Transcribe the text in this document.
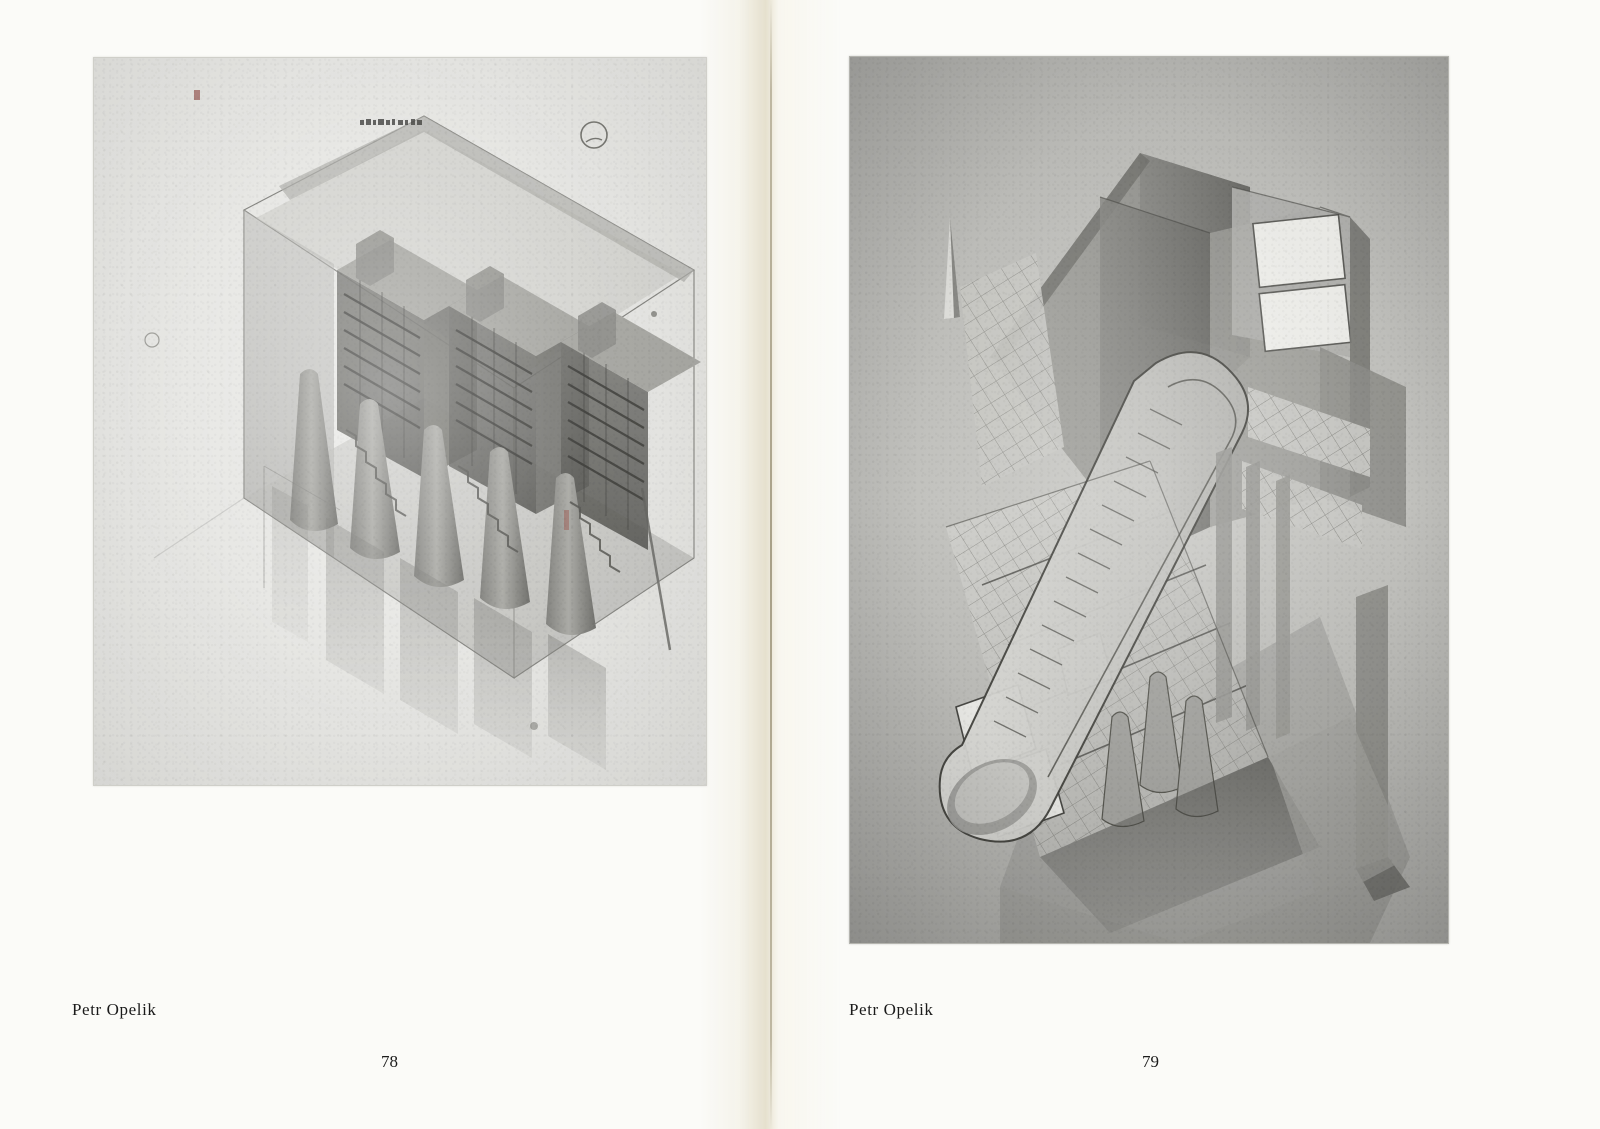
Petr Opelik	Petr Opelik
78	79
